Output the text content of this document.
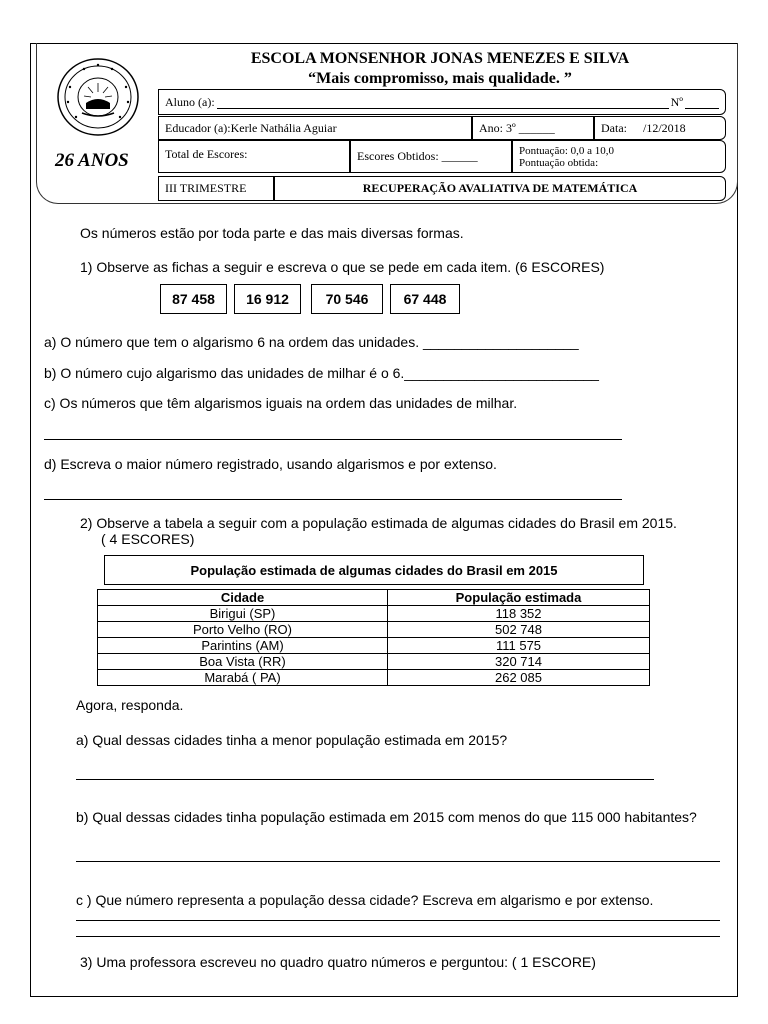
26 ANOS
ESCOLA MONSENHOR JONAS MENEZES E SILVA
“Mais compromisso, mais qualidade. ”
Aluno (a):	Nº
Educador (a):Kerle Nathália Aguiar	Ano: 3º ______	Data: /12/2018
Total de Escores:	Escores Obtidos: ______	Pontuação: 0,0 a 10,0
Pontuação obtida:
III TRIMESTRE	RECUPERAÇÃO AVALIATIVA DE MATEMÁTICA
Os números estão por toda parte e das mais diversas formas.
1) Observe as fichas a seguir e escreva o que se pede em cada item. (6 ESCORES)
87 458	16 912	70 546	67 448
a) O número que tem o algarismo 6 na ordem das unidades. ____________________
b) O número cujo algarismo das unidades de milhar é o 6._________________________
c) Os números que têm algarismos iguais na ordem das unidades de milhar.
d) Escreva o maior número registrado, usando algarismos e por extenso.
2) Observe a tabela a seguir com a população estimada de algumas cidades do Brasil em 2015.
( 4 ESCORES)
População estimada de algumas cidades do Brasil em 2015
Cidade	População estimada
Birigui (SP)	118 352
Porto Velho (RO)	502 748
Parintins (AM)	111 575
Boa Vista (RR)	320 714
Marabá ( PA)	262 085
Agora, responda.
a) Qual dessas cidades tinha a menor população estimada em 2015?
b) Qual dessas cidades tinha população estimada em 2015 com menos do que 115 000 habitantes?
c ) Que número representa a população dessa cidade? Escreva em algarismo e por extenso.
3) Uma professora escreveu no quadro quatro números e perguntou: ( 1 ESCORE)
